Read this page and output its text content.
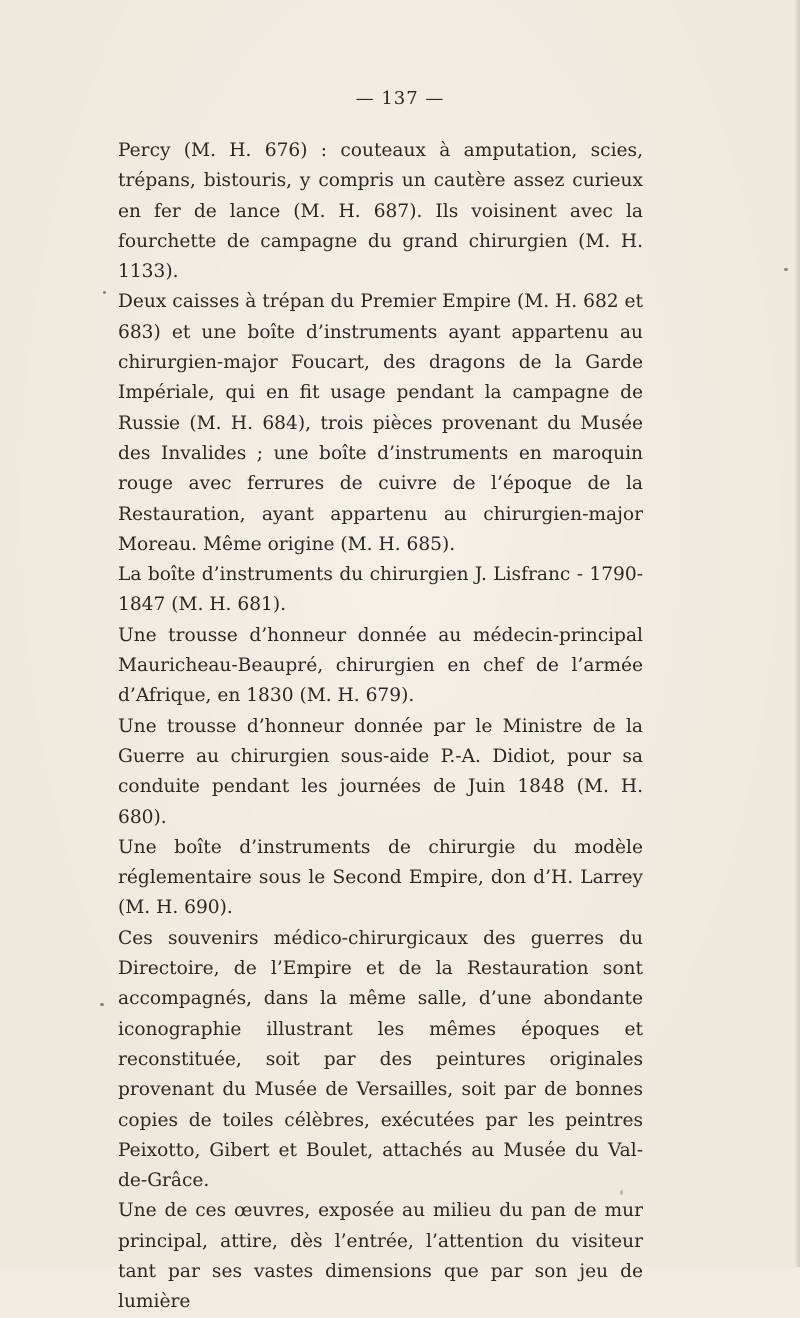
— 137 —

Percy (M. H. 676) : couteaux à amputation, scies, trépans, bistouris, y compris un cautère assez curieux en fer de lance (M. H. 687). Ils voisinent avec la fourchette de campagne du grand chirurgien (M. H. 1133).

Deux caisses à trépan du Premier Empire (M. H. 682 et 683) et une boîte d’instruments ayant appartenu au chirurgien-major Foucart, des dragons de la Garde Impériale, qui en fit usage pendant la campagne de Russie (M. H. 684), trois pièces provenant du Musée des Invalides ; une boîte d’instruments en maroquin rouge avec ferrures de cuivre de l’époque de la Restauration, ayant appartenu au chirurgien-major Moreau. Même origine (M. H. 685).

La boîte d’instruments du chirurgien J. Lisfranc - 1790-1847 (M. H. 681).

Une trousse d’honneur donnée au médecin-principal Mauricheau-Beaupré, chirurgien en chef de l’armée d’Afrique, en 1830 (M. H. 679).

Une trousse d’honneur donnée par le Ministre de la Guerre au chirurgien sous-aide P.-A. Didiot, pour sa conduite pendant les journées de Juin 1848 (M. H. 680).

Une boîte d’instruments de chirurgie du modèle réglementaire sous le Second Empire, don d’H. Larrey (M. H. 690).

Ces souvenirs médico-chirurgicaux des guerres du Directoire, de l’Empire et de la Restauration sont accompagnés, dans la même salle, d’une abondante iconographie illustrant les mêmes époques et reconstituée, soit par des peintures originales provenant du Musée de Versailles, soit par de bonnes copies de toiles célèbres, exécutées par les peintres Peixotto, Gibert et Boulet, attachés au Musée du Val-de-Grâce.

Une de ces œuvres, exposée au milieu du pan de mur principal, attire, dès l’entrée, l’attention du visiteur tant par ses vastes dimensions que par son jeu de lumière
